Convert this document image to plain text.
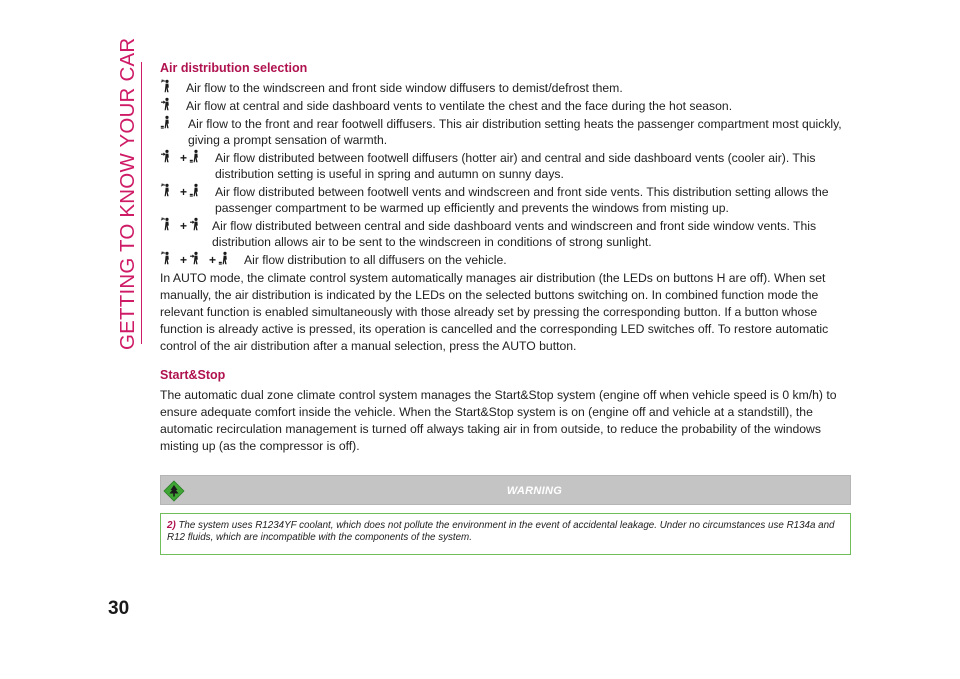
GETTING TO KNOW YOUR CAR
30
Air distribution selection
Air flow to the windscreen and front side window diffusers to demist/defrost them.
Air flow at central and side dashboard vents to ventilate the chest and the face during the hot season.
Air flow to the front and rear footwell diffusers. This air distribution setting heats the passenger compartment most quickly,
giving a prompt sensation of warmth.
+ Air flow distributed between footwell diffusers (hotter air) and central and side dashboard vents (cooler air). This
distribution setting is useful in spring and autumn on sunny days.
+ Air flow distributed between footwell vents and windscreen and front side vents. This distribution setting allows the
passenger compartment to be warmed up efficiently and prevents the windows from misting up.
+ Air flow distributed between central and side dashboard vents and windscreen and front side window vents. This
distribution allows air to be sent to the windscreen in conditions of strong sunlight.
+ + Air flow distribution to all diffusers on the vehicle.

In AUTO mode, the climate control system automatically manages air distribution (the LEDs on buttons H are off). When set manually, the air distribution is indicated by the LEDs on the selected buttons switching on. In combined function mode the relevant function is enabled simultaneously with those already set by pressing the corresponding button. If a button whose function is already active is pressed, its operation is cancelled and the corresponding LED switches off. To restore automatic control of the air distribution after a manual selection, press the AUTO button.

Start&Stop

The automatic dual zone climate control system manages the Start&Stop system (engine off when vehicle speed is 0 km/h) to ensure adequate comfort inside the vehicle. When the Start&Stop system is on (engine off and vehicle at a standstill), the automatic recirculation management is turned off always taking air in from outside, to reduce the probability of the windows misting up (as the compressor is off).

WARNING
2) The system uses R1234YF coolant, which does not pollute the environment in the event of accidental leakage. Under no circumstances use R134a and R12 fluids, which are incompatible with the components of the system.
